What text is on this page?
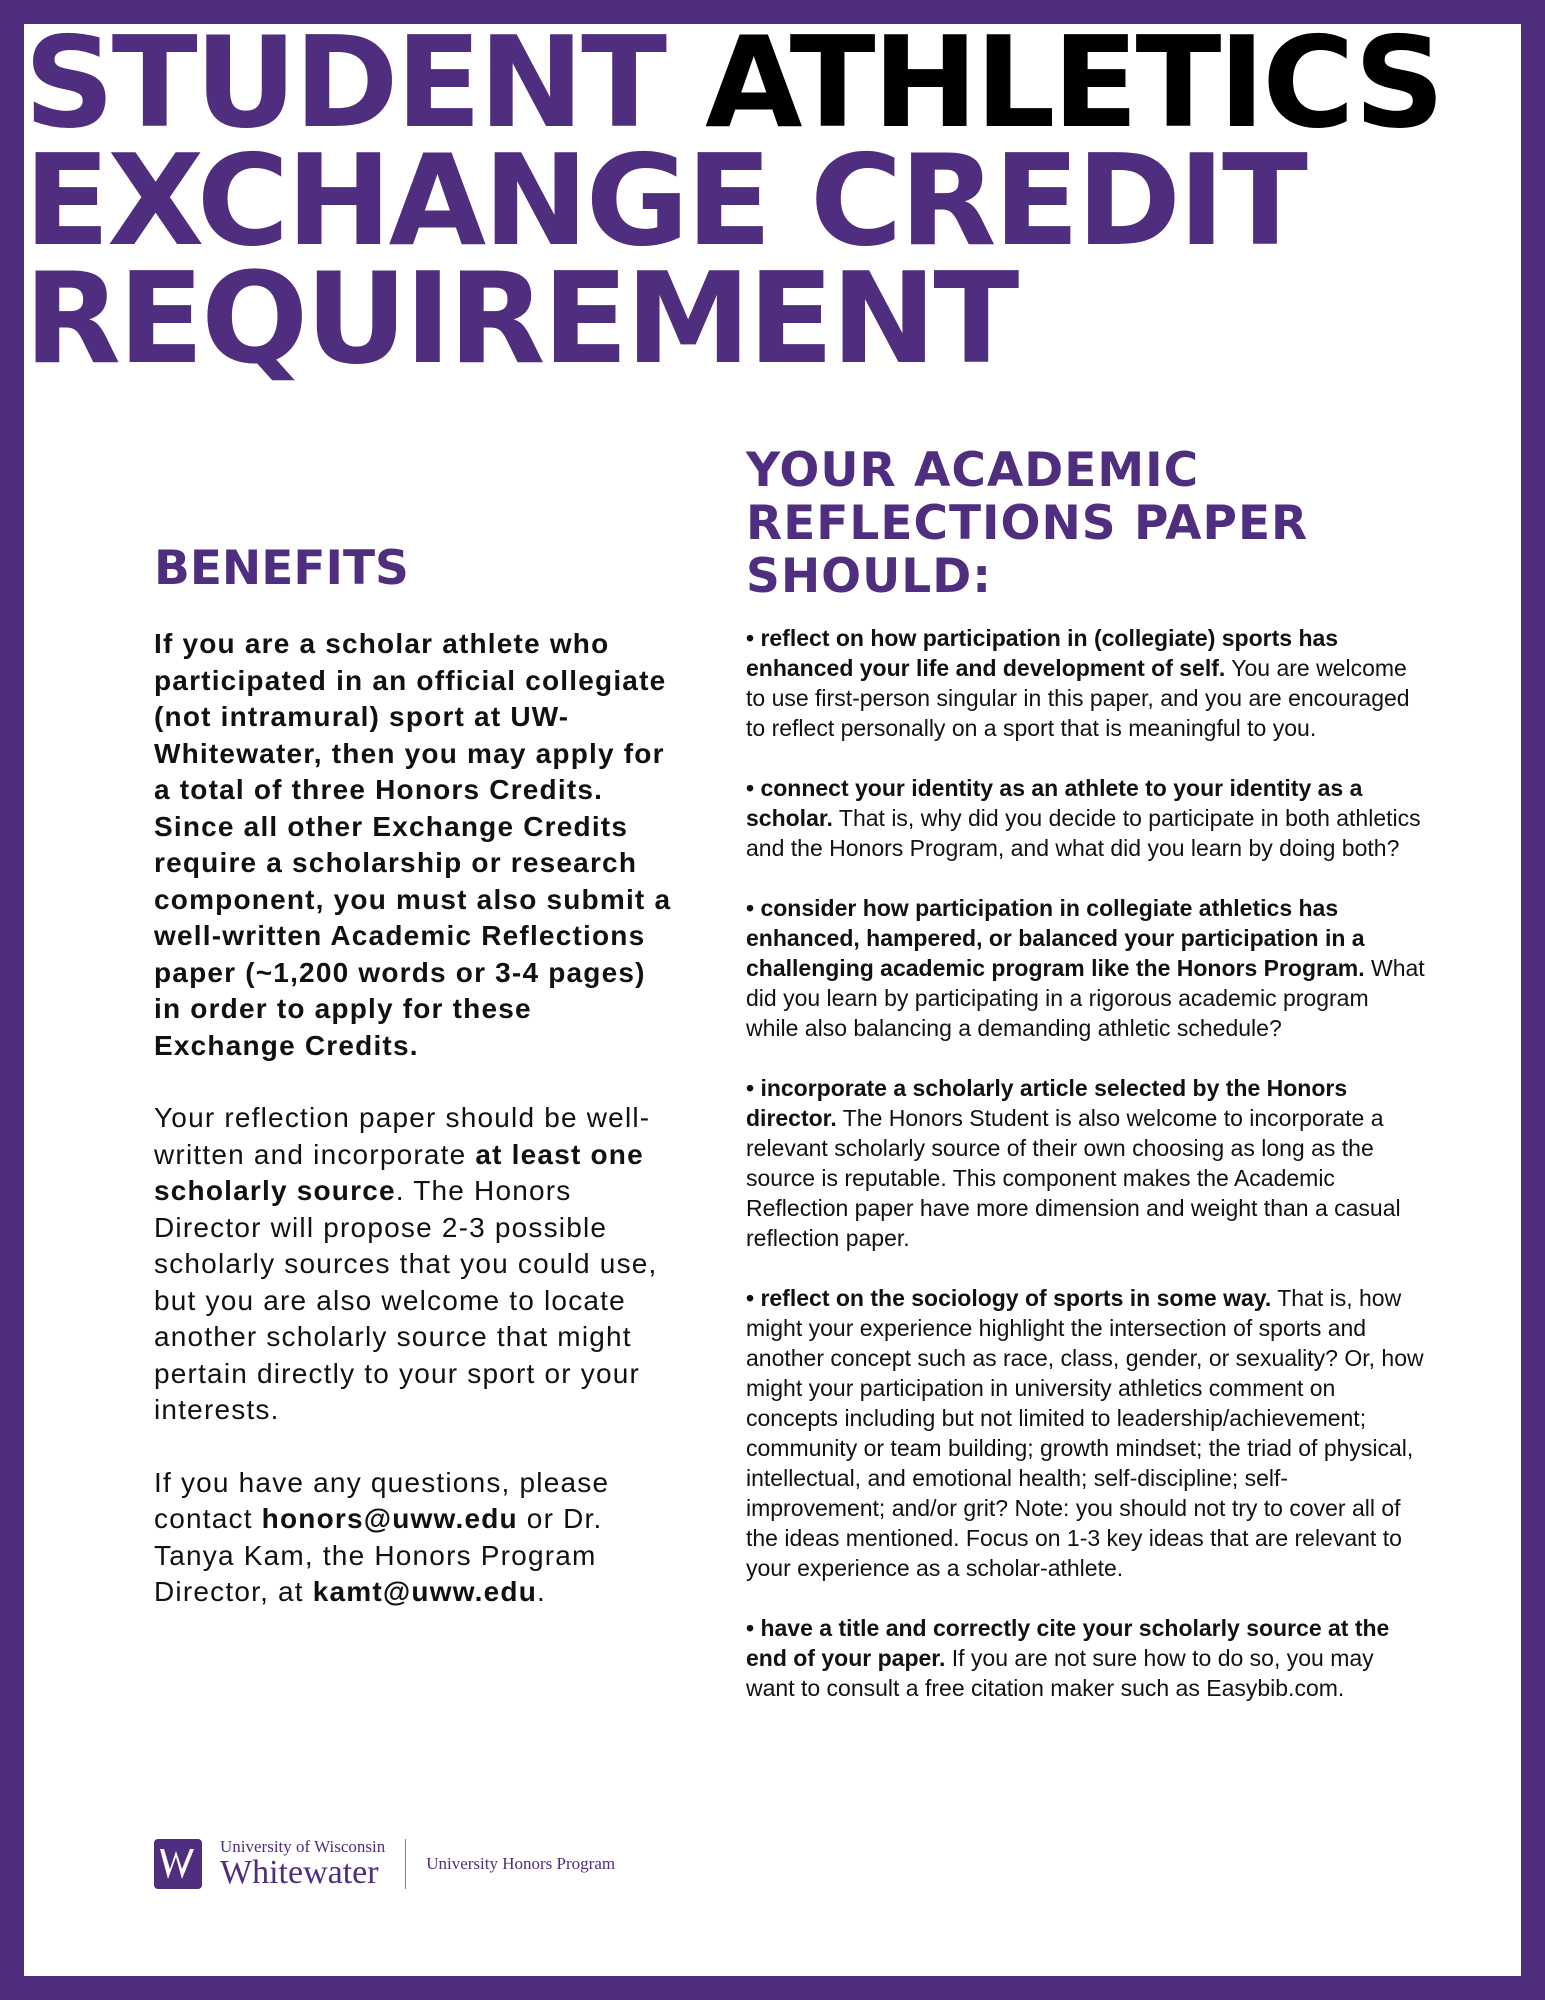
STUDENT ATHLETICS
EXCHANGE CREDIT
REQUIREMENT
BENEFITS

If you are a scholar athlete who participated in an official collegiate (not intramural) sport at UW-Whitewater, then you may apply for a total of three Honors Credits. Since all other Exchange Credits require a scholarship or research component, you must also submit a well-written Academic Reflections paper (~1,200 words or 3-4 pages) in order to apply for these Exchange Credits.

Your reflection paper should be well-written and incorporate at least one scholarly source. The Honors Director will propose 2-3 possible scholarly sources that you could use, but you are also welcome to locate another scholarly source that might pertain directly to your sport or your interests.

If you have any questions, please contact honors@uww.edu or Dr. Tanya Kam, the Honors Program Director, at kamt@uww.edu.

YOUR ACADEMIC REFLECTIONS PAPER SHOULD:

• reflect on how participation in (collegiate) sports has enhanced your life and development of self. You are welcome to use first-person singular in this paper, and you are encouraged to reflect personally on a sport that is meaningful to you.

• connect your identity as an athlete to your identity as a scholar. That is, why did you decide to participate in both athletics and the Honors Program, and what did you learn by doing both?

• consider how participation in collegiate athletics has enhanced, hampered, or balanced your participation in a challenging academic program like the Honors Program. What did you learn by participating in a rigorous academic program while also balancing a demanding athletic schedule?

• incorporate a scholarly article selected by the Honors director. The Honors Student is also welcome to incorporate a relevant scholarly source of their own choosing as long as the source is reputable. This component makes the Academic Reflection paper have more dimension and weight than a casual reflection paper.

• reflect on the sociology of sports in some way. That is, how might your experience highlight the intersection of sports and another concept such as race, class, gender, or sexuality? Or, how might your participation in university athletics comment on concepts including but not limited to leadership/achievement; community or team building; growth mindset; the triad of physical, intellectual, and emotional health; self-discipline; self-improvement; and/or grit? Note: you should not try to cover all of the ideas mentioned. Focus on 1-3 key ideas that are relevant to your experience as a scholar-athlete.

• have a title and correctly cite your scholarly source at the end of your paper. If you are not sure how to do so, you may want to consult a free citation maker such as Easybib.com.

University of Wisconsin
Whitewater	University Honors Program
